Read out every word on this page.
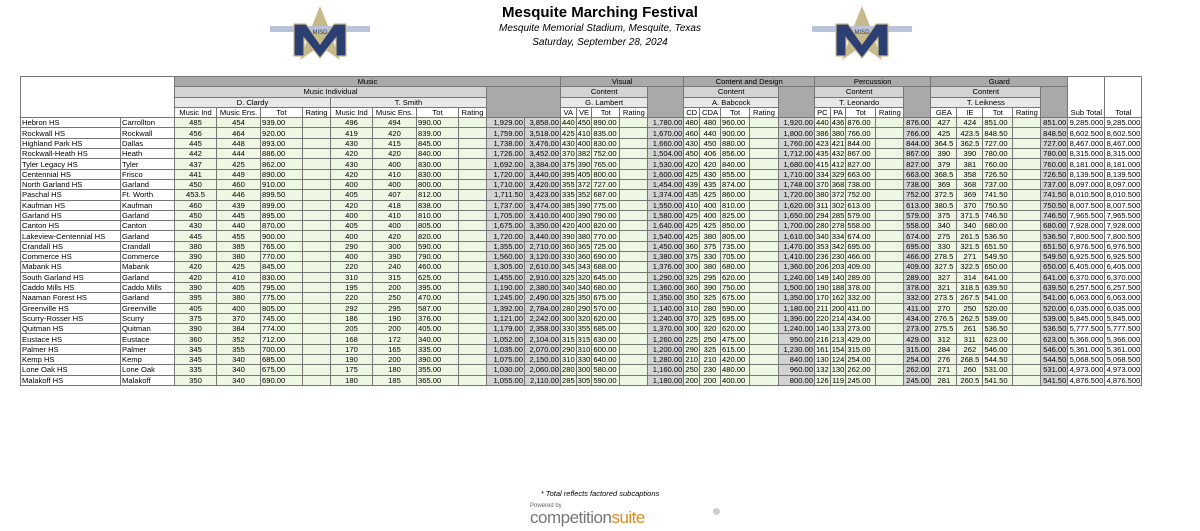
MISD
Mesquite Marching Festival
Mesquite Memorial Stadium, Mesquite, Texas
Saturday, September 28, 2024
MISD
		Music										Visual					Content and Design					Percussion					Guard					Sub Total	Total
		Music Individual										Content					Content					Content					Content						
		D. Clardy				T. Smith						G. Lambert					A. Babcock					T. Leonardo					T. Leikness						
		Music Ind	Music Ens.	Tot	Rating	Music Ind	Music Ens.	Tot	Rating			VA	VE	Tot	Rating		CD	CDA	Tot	Rating		PC	PA	Tot	Rating		GEA	IE	Tot	Rating			
Hebron HS	Carrollton	485	454	939.00		496	494	990.00		1,929.00	3,858.00	440	450	890.00		1,780.00	480	480	960.00		1,920.00	440	436	876.00		876.00	427	424	851.00		851.00	9,285.000	9,285.000
Rockwall HS	Rockwall	456	464	920.00		419	420	839.00		1,759.00	3,518.00	425	410	835.00		1,670.00	460	440	900.00		1,800.00	386	380	766.00		766.00	425	423.5	848.50		848.50	8,602.500	8,602.500
Highland Park HS	Dallas	445	448	893.00		430	415	845.00		1,738.00	3,476.00	430	400	830.00		1,660.00	430	450	880.00		1,760.00	423	421	844.00		844.00	364.5	362.5	727.00		727.00	8,467.000	8,467.000
Rockwall-Heath HS	Heath	442	444	886.00		420	420	840.00		1,726.00	3,452.00	370	382	752.00		1,504.00	450	406	856.00		1,712.00	435	432	867.00		867.00	390	390	780.00		780.00	8,315.000	8,315.000
Tyler Legacy HS	Tyler	437	425	862.00		430	400	830.00		1,692.00	3,384.00	375	390	765.00		1,530.00	420	420	840.00		1,680.00	415	412	827.00		827.00	379	381	760.00		760.00	8,181.000	8,181.000
Centennial HS	Frisco	441	449	890.00		420	410	830.00		1,720.00	3,440.00	395	405	800.00		1,600.00	425	430	855.00		1,710.00	334	329	663.00		663.00	368.5	358	726.50		726.50	8,139.500	8,139.500
North Garland HS	Garland	450	460	910.00		400	400	800.00		1,710.00	3,420.00	355	372	727.00		1,454.00	439	435	874.00		1,748.00	370	368	738.00		738.00	369	368	737.00		737.00	8,097.000	8,097.000
Paschal HS	Ft. Worth	453.5	446	899.50		405	407	812.00		1,711.50	3,423.00	335	352	687.00		1,374.00	435	425	860.00		1,720.00	380	372	752.00		752.00	372.5	369	741.50		741.50	8,010.500	8,010.500
Kaufman HS	Kaufman	460	439	899.00		420	418	838.00		1,737.00	3,474.00	385	390	775.00		1,550.00	410	400	810.00		1,620.00	311	302	613.00		613.00	380.5	370	750.50		750.50	8,007.500	8,007.500
Garland HS	Garland	450	445	895.00		400	410	810.00		1,705.00	3,410.00	400	390	790.00		1,580.00	425	400	825.00		1,650.00	294	285	579.00		579.00	375	371.5	746.50		746.50	7,965.500	7,965.500
Canton HS	Canton	430	440	870.00		405	400	805.00		1,675.00	3,350.00	420	400	820.00		1,640.00	425	425	850.00		1,700.00	280	278	558.00		558.00	340	340	680.00		680.00	7,928.000	7,928.000
Lakeview-Centennial HS	Garland	445	455	900.00		400	420	820.00		1,720.00	3,440.00	390	380	770.00		1,540.00	425	380	805.00		1,610.00	340	334	674.00		674.00	275	261.5	536.50		536.50	7,800.500	7,800.500
Crandall HS	Crandall	380	385	765.00		290	300	590.00		1,355.00	2,710.00	360	365	725.00		1,450.00	360	375	735.00		1,470.00	353	342	695.00		695.00	330	321.5	651.50		651.50	6,976.500	6,976.500
Commerce HS	Commerce	390	380	770.00		400	390	790.00		1,560.00	3,120.00	330	360	690.00		1,380.00	375	330	705.00		1,410.00	236	230	466.00		466.00	278.5	271	549.50		549.50	6,925.500	6,925.500
Mabank HS	Mabank	420	425	845.00		220	240	460.00		1,305.00	2,610.00	345	343	688.00		1,376.00	300	380	680.00		1,360.00	206	203	409.00		409.00	327.5	322.5	650.00		650.00	6,405.000	6,405.000
South Garland HS	Garland	420	410	830.00		310	315	625.00		1,455.00	2,910.00	325	320	645.00		1,290.00	325	295	620.00		1,240.00	149	140	289.00		289.00	327	314	641.00		641.00	6,370.000	6,370.000
Caddo Mills HS	Caddo Mills	390	405	795.00		195	200	395.00		1,190.00	2,380.00	340	340	680.00		1,360.00	360	390	750.00		1,500.00	190	188	378.00		378.00	321	318.5	639.50		639.50	6,257.500	6,257.500
Naaman Forest HS	Garland	395	380	775.00		220	250	470.00		1,245.00	2,490.00	325	350	675.00		1,350.00	350	325	675.00		1,350.00	170	162	332.00		332.00	273.5	267.5	541.00		541.00	6,063.000	6,063.000
Greenville HS	Greenville	405	400	805.00		292	295	587.00		1,392.00	2,784.00	280	290	570.00		1,140.00	310	280	590.00		1,180.00	211	200	411.00		411.00	270	250	520.00		520.00	6,035.000	6,035.000
Scurry-Rosser HS	Scurry	375	370	745.00		186	190	376.00		1,121.00	2,242.00	300	320	620.00		1,240.00	370	325	695.00		1,390.00	220	214	434.00		434.00	276.5	262.5	539.00		539.00	5,845.000	5,845.000
Quitman HS	Quitman	390	384	774.00		205	200	405.00		1,179.00	2,358.00	330	355	685.00		1,370.00	300	320	620.00		1,240.00	140	133	273.00		273.00	275.5	261	536.50		536.50	5,777.500	5,777.500
Eustace HS	Eustace	360	352	712.00		168	172	340.00		1,052.00	2,104.00	315	315	630.00		1,260.00	225	250	475.00		950.00	216	213	429.00		429.00	312	311	623.00		623.00	5,366.000	5,366.000
Palmer HS	Palmer	345	355	700.00		170	165	335.00		1,035.00	2,070.00	290	310	600.00		1,200.00	290	325	615.00		1,230.00	161	154	315.00		315.00	284	262	546.00		546.00	5,361.000	5,361.000
Kemp HS	Kemp	345	340	685.00		190	200	390.00		1,075.00	2,150.00	310	330	640.00		1,280.00	210	210	420.00		840.00	130	124	254.00		254.00	276	268.5	544.50		544.50	5,068.500	5,068.500
Lone Oak HS	Lone Oak	335	340	675.00		175	180	355.00		1,030.00	2,060.00	280	300	580.00		1,160.00	250	230	480.00		960.00	132	130	262.00		262.00	271	260	531.00		531.00	4,973.000	4,973.000
Malakoff HS	Malakoff	350	340	690.00		180	185	365.00		1,055.00	2,110.00	285	305	590.00		1,180.00	200	200	400.00		800.00	126	119	245.00		245.00	281	260.5	541.50		541.50	4,876.500	4,876.500
* Total reflects factored subcaptions
Powered by
competitionsuite
